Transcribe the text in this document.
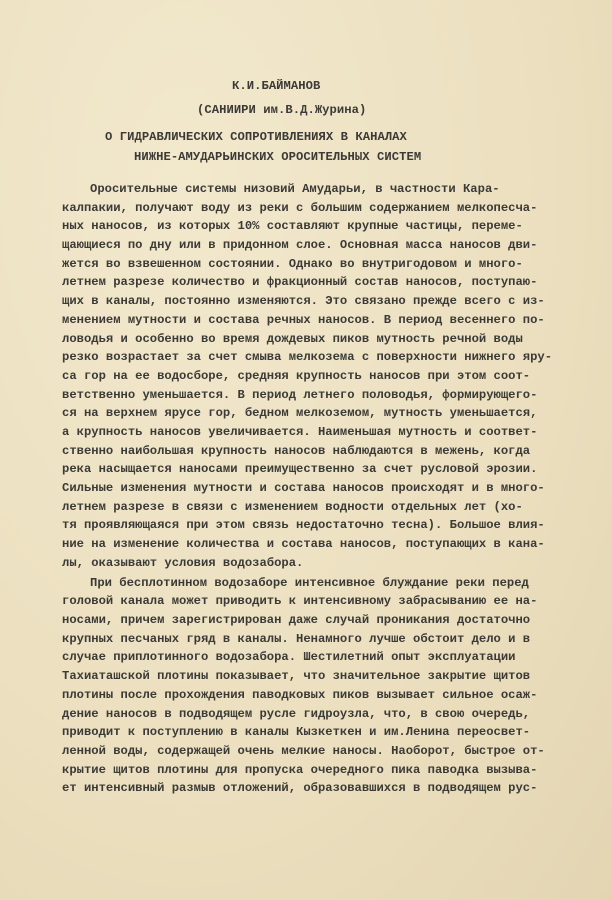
К.И.БАЙМАНОВ
(САНИИРИ им.В.Д.Журина)
О ГИДРАВЛИЧЕСКИХ СОПРОТИВЛЕНИЯХ В КАНАЛАХ
НИЖНЕ-АМУДАРЬИНСКИХ ОРОСИТЕЛЬНЫХ СИСТЕМ
Оросительные системы низовий Амударьи, в частности Кара-
калпакии, получают воду из реки с большим содержанием мелкопесча-
ных наносов, из которых 10% составляют крупные частицы, переме-
щающиеся по дну или в придонном слое. Основная масса наносов дви-
жется во взвешенном состоянии. Однако во внутригодовом и много-
летнем разрезе количество и фракционный состав наносов, поступаю-
щих в каналы, постоянно изменяются. Это связано прежде всего с из-
менением мутности и состава речных наносов. В период весеннего по-
ловодья и особенно во время дождевых пиков мутность речной воды
резко возрастает за счет смыва мелкозема с поверхности нижнего яру-
са гор на ее водосборе, средняя крупность наносов при этом соот-
ветственно уменьшается. В период летнего половодья, формирующего-
ся на верхнем ярусе гор, бедном мелкоземом, мутность уменьшается,
а крупность наносов увеличивается. Наименьшая мутность и соответ-
ственно наибольшая крупность наносов наблюдаются в межень, когда
река насыщается наносами преимущественно за счет русловой эрозии.
Сильные изменения мутности и состава наносов происходят и в много-
летнем разрезе в связи с изменением водности отдельных лет (хо-
тя проявляющаяся при этом связь недостаточно тесна). Большое влия-
ние на изменение количества и состава наносов, поступающих в кана-
лы, оказывают условия водозабора.
При бесплотинном водозаборе интенсивное блуждание реки перед
головой канала может приводить к интенсивному забрасыванию ее на-
носами, причем зарегистрирован даже случай проникания достаточно
крупных песчаных гряд в каналы. Ненамного лучше обстоит дело и в
случае приплотинного водозабора. Шестилетний опыт эксплуатации
Тахиаташской плотины показывает, что значительное закрытие щитов
плотины после прохождения паводковых пиков вызывает сильное осаж-
дение наносов в подводящем русле гидроузла, что, в свою очередь,
приводит к поступлению в каналы Кызкеткен и им.Ленина переосвет-
ленной воды, содержащей очень мелкие наносы. Наоборот, быстрое от-
крытие щитов плотины для пропуска очередного пика паводка вызыва-
ет интенсивный размыв отложений, образовавшихся в подводящем рус-
